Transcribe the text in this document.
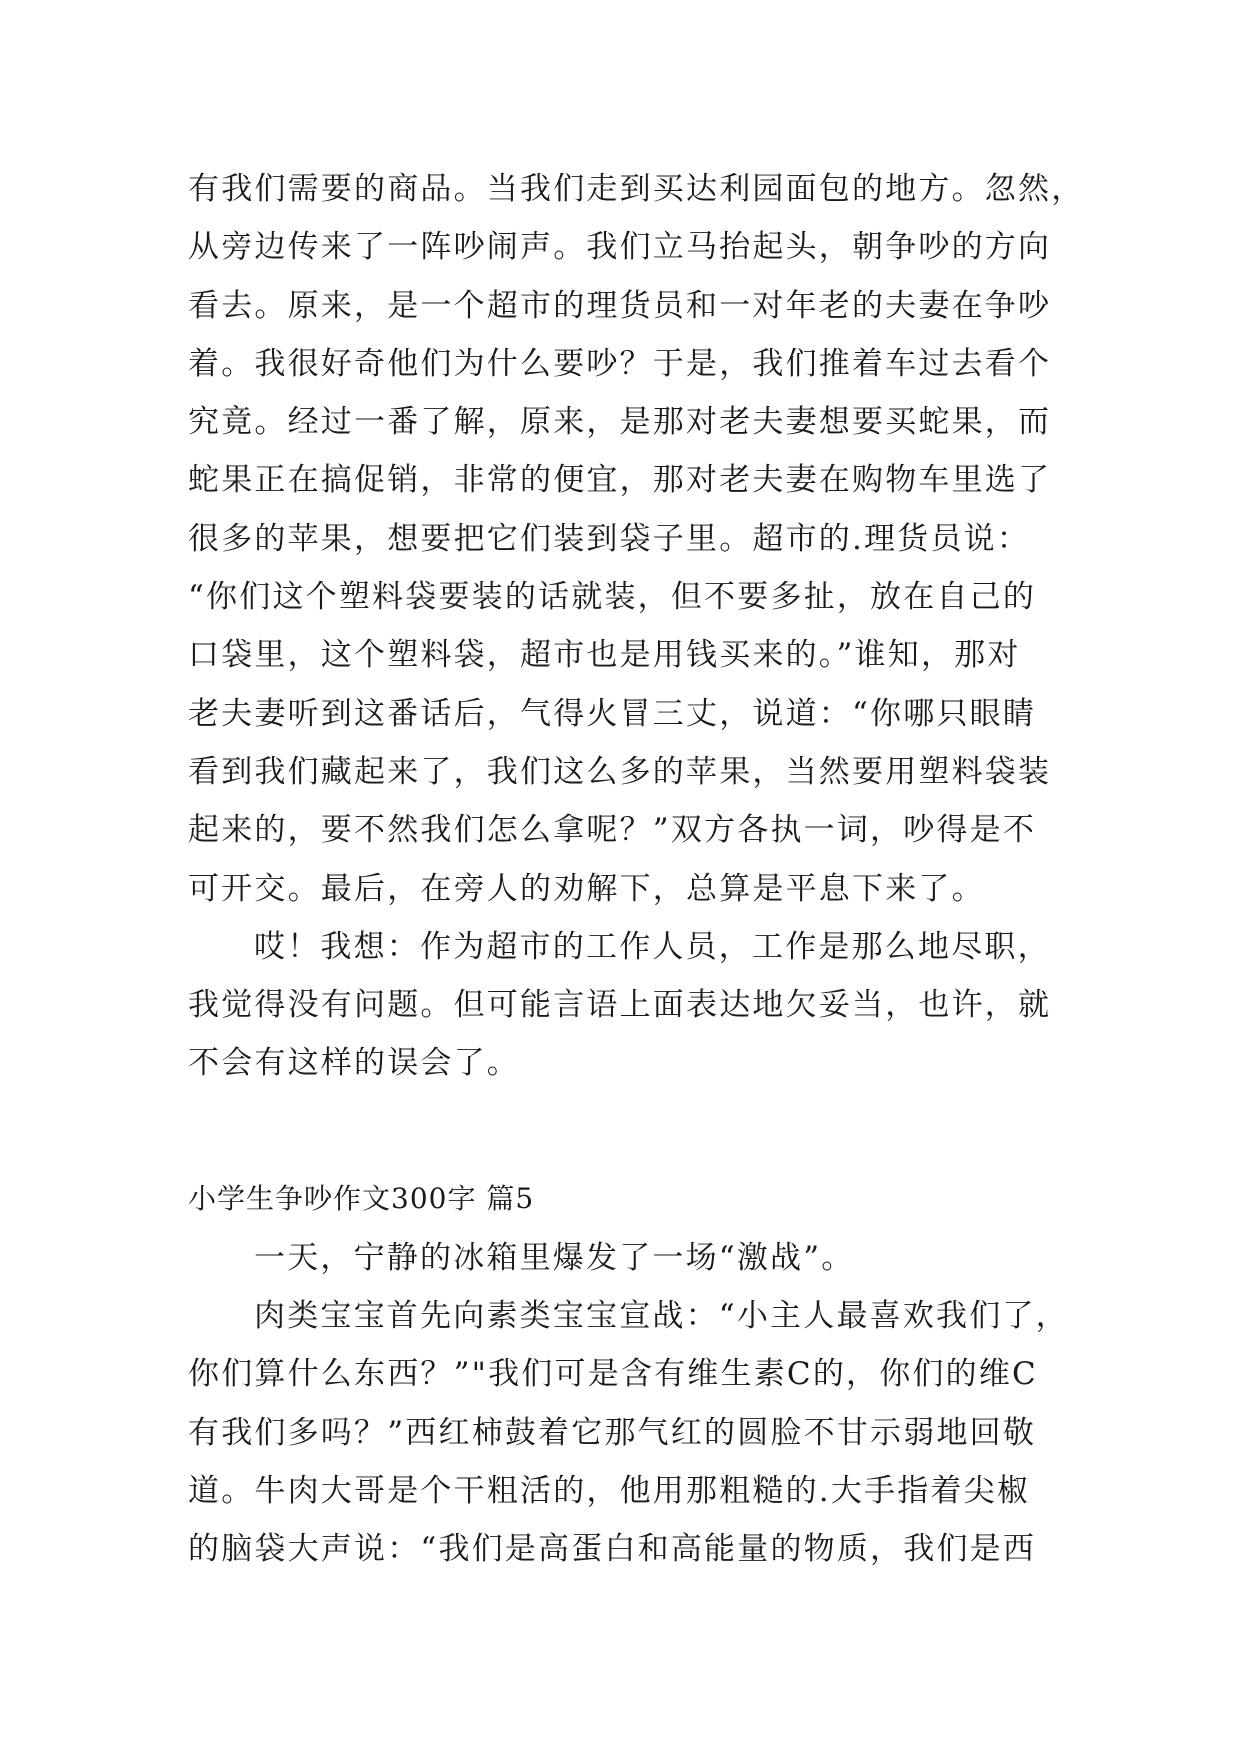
有我们需要的商品。当我们走到买达利园面包的地方。忽然，
从旁边传来了一阵吵闹声。我们立马抬起头，朝争吵的方向
看去。原来，是一个超市的理货员和一对年老的夫妻在争吵
着。我很好奇他们为什么要吵？于是，我们推着车过去看个
究竟。经过一番了解，原来，是那对老夫妻想要买蛇果，而
蛇果正在搞促销，非常的便宜，那对老夫妻在购物车里选了
很多的苹果，想要把它们装到袋子里。超市的.理货员说：
“你们这个塑料袋要装的话就装，但不要多扯，放在自己的
口袋里，这个塑料袋，超市也是用钱买来的。”谁知，那对
老夫妻听到这番话后，气得火冒三丈，说道：“你哪只眼睛
看到我们藏起来了，我们这么多的苹果，当然要用塑料袋装
起来的，要不然我们怎么拿呢？”双方各执一词，吵得是不
可开交。最后，在旁人的劝解下，总算是平息下来了。
哎！我想：作为超市的工作人员，工作是那么地尽职，
我觉得没有问题。但可能言语上面表达地欠妥当，也许，就
不会有这样的误会了。
小学生争吵作文300字 篇5
一天，宁静的冰箱里爆发了一场“激战”。
肉类宝宝首先向素类宝宝宣战：“小主人最喜欢我们了，
你们算什么东西？”"我们可是含有维生素C的，你们的维C
有我们多吗？”西红柿鼓着它那气红的圆脸不甘示弱地回敬
道。牛肉大哥是个干粗活的，他用那粗糙的.大手指着尖椒
的脑袋大声说：“我们是高蛋白和高能量的物质，我们是西
